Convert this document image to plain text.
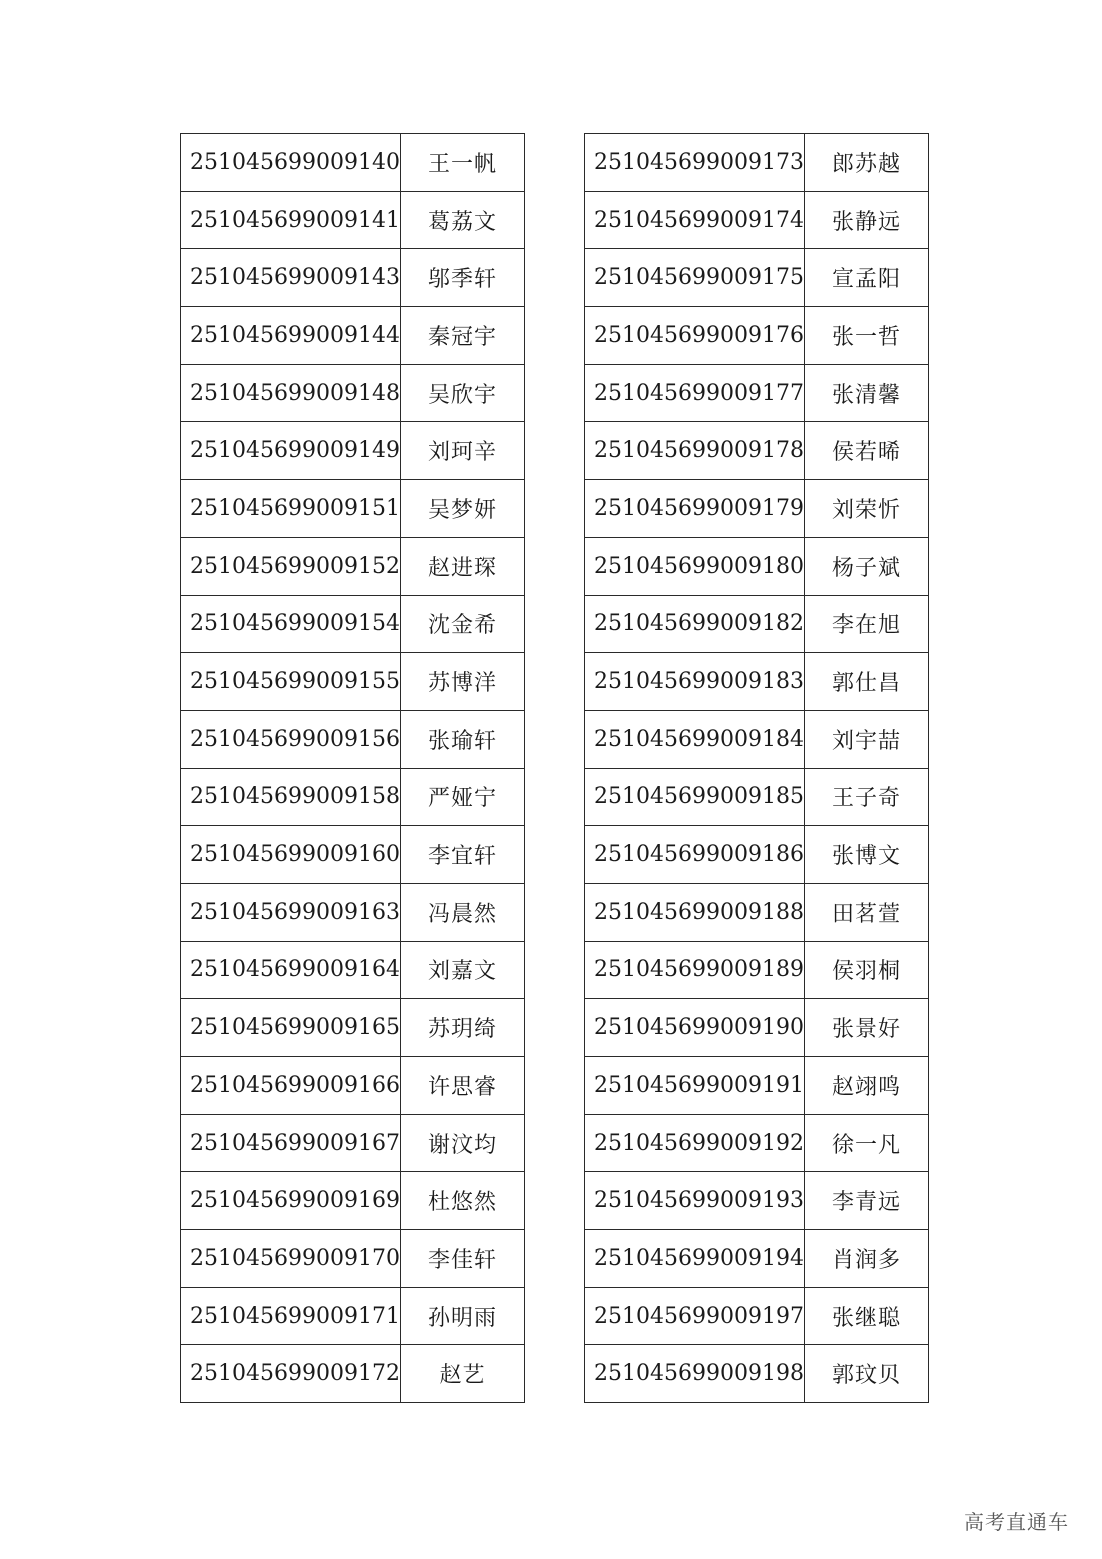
251045699009140	王一帆
251045699009141	葛荔文
251045699009143	邬季轩
251045699009144	秦冠宇
251045699009148	吴欣宇
251045699009149	刘珂辛
251045699009151	吴梦妍
251045699009152	赵进琛
251045699009154	沈金希
251045699009155	苏博洋
251045699009156	张瑜轩
251045699009158	严娅宁
251045699009160	李宜轩
251045699009163	冯晨然
251045699009164	刘嘉文
251045699009165	苏玥绮
251045699009166	许思睿
251045699009167	谢汶均
251045699009169	杜悠然
251045699009170	李佳轩
251045699009171	孙明雨
251045699009172	赵艺
251045699009173	郎苏越
251045699009174	张静远
251045699009175	宣孟阳
251045699009176	张一哲
251045699009177	张清馨
251045699009178	侯若晞
251045699009179	刘荣忻
251045699009180	杨子斌
251045699009182	李在旭
251045699009183	郭仕昌
251045699009184	刘宇喆
251045699009185	王子奇
251045699009186	张博文
251045699009188	田茗萱
251045699009189	侯羽桐
251045699009190	张景好
251045699009191	赵翊鸣
251045699009192	徐一凡
251045699009193	李青远
251045699009194	肖润多
251045699009197	张继聪
251045699009198	郭玟贝
高考直通车
